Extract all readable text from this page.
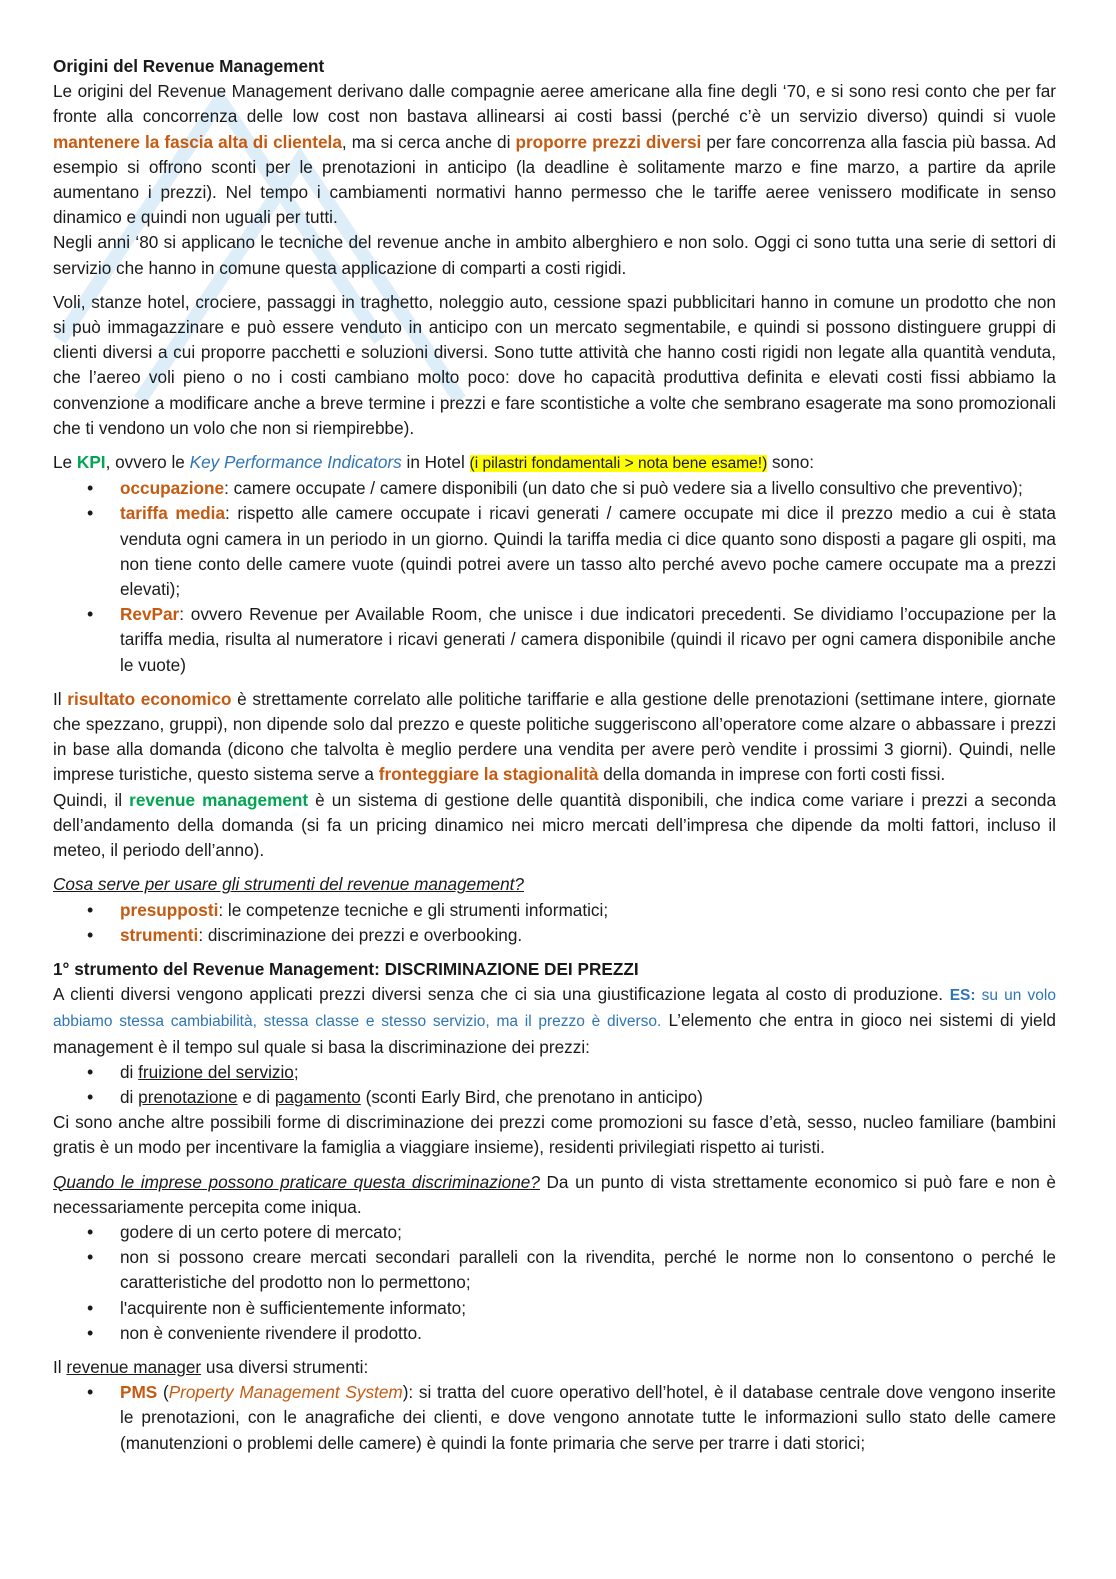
Origini del Revenue Management

Le origini del Revenue Management derivano dalle compagnie aeree americane alla fine degli ‘70, e si sono resi conto che per far fronte alla concorrenza delle low cost non bastava allinearsi ai costi bassi (perché c’è un servizio diverso) quindi si vuole mantenere la fascia alta di clientela, ma si cerca anche di proporre prezzi diversi per fare concorrenza alla fascia più bassa. Ad esempio si offrono sconti per le prenotazioni in anticipo (la deadline è solitamente marzo e fine marzo, a partire da aprile aumentano i prezzi). Nel tempo i cambiamenti normativi hanno permesso che le tariffe aeree venissero modificate in senso dinamico e quindi non uguali per tutti.

Negli anni ‘80 si applicano le tecniche del revenue anche in ambito alberghiero e non solo. Oggi ci sono tutta una serie di settori di servizio che hanno in comune questa applicazione di comparti a costi rigidi.

Voli, stanze hotel, crociere, passaggi in traghetto, noleggio auto, cessione spazi pubblicitari hanno in comune un prodotto che non si può immagazzinare e può essere venduto in anticipo con un mercato segmentabile, e quindi si possono distinguere gruppi di clienti diversi a cui proporre pacchetti e soluzioni diversi. Sono tutte attività che hanno costi rigidi non legate alla quantità venduta, che l’aereo voli pieno o no i costi cambiano molto poco: dove ho capacità produttiva definita e elevati costi fissi abbiamo la convenzione a modificare anche a breve termine i prezzi e fare scontistiche a volte che sembrano esagerate ma sono promozionali che ti vendono un volo che non si riempirebbe).

Le KPI, ovvero le Key Performance Indicators in Hotel (i pilastri fondamentali > nota bene esame!) sono:

• occupazione: camere occupate / camere disponibili (un dato che si può vedere sia a livello consultivo che preventivo);
• tariffa media: rispetto alle camere occupate i ricavi generati / camere occupate mi dice il prezzo medio a cui è stata venduta ogni camera in un periodo in un giorno. Quindi la tariffa media ci dice quanto sono disposti a pagare gli ospiti, ma non tiene conto delle camere vuote (quindi potrei avere un tasso alto perché avevo poche camere occupate ma a prezzi elevati);
• RevPar: ovvero Revenue per Available Room, che unisce i due indicatori precedenti. Se dividiamo l’occupazione per la tariffa media, risulta al numeratore i ricavi generati / camera disponibile (quindi il ricavo per ogni camera disponibile anche le vuote)

Il risultato economico è strettamente correlato alle politiche tariffarie e alla gestione delle prenotazioni (settimane intere, giornate che spezzano, gruppi), non dipende solo dal prezzo e queste politiche suggeriscono all’operatore come alzare o abbassare i prezzi in base alla domanda (dicono che talvolta è meglio perdere una vendita per avere però vendite i prossimi 3 giorni). Quindi, nelle imprese turistiche, questo sistema serve a fronteggiare la stagionalità della domanda in imprese con forti costi fissi.

Quindi, il revenue management è un sistema di gestione delle quantità disponibili, che indica come variare i prezzi a seconda dell’andamento della domanda (si fa un pricing dinamico nei micro mercati dell’impresa che dipende da molti fattori, incluso il meteo, il periodo dell’anno).

Cosa serve per usare gli strumenti del revenue management?

• presupposti: le competenze tecniche e gli strumenti informatici;
• strumenti: discriminazione dei prezzi e overbooking.
1° strumento del Revenue Management: DISCRIMINAZIONE DEI PREZZI

A clienti diversi vengono applicati prezzi diversi senza che ci sia una giustificazione legata al costo di produzione. ES: su un volo abbiamo stessa cambiabilità, stessa classe e stesso servizio, ma il prezzo è diverso. L’elemento che entra in gioco nei sistemi di yield management è il tempo sul quale si basa la discriminazione dei prezzi:

• di fruizione del servizio;
• di prenotazione e di pagamento (sconti Early Bird, che prenotano in anticipo)

Ci sono anche altre possibili forme di discriminazione dei prezzi come promozioni su fasce d’età, sesso, nucleo familiare (bambini gratis è un modo per incentivare la famiglia a viaggiare insieme), residenti privilegiati rispetto ai turisti.

Quando le imprese possono praticare questa discriminazione? Da un punto di vista strettamente economico si può fare e non è necessariamente percepita come iniqua.

• godere di un certo potere di mercato;
• non si possono creare mercati secondari paralleli con la rivendita, perché le norme non lo consentono o perché le caratteristiche del prodotto non lo permettono;
• l'acquirente non è sufficientemente informato;
• non è conveniente rivendere il prodotto.

Il revenue manager usa diversi strumenti:

• PMS (Property Management System): si tratta del cuore operativo dell’hotel, è il database centrale dove vengono inserite le prenotazioni, con le anagrafiche dei clienti, e dove vengono annotate tutte le informazioni sullo stato delle camere (manutenzioni o problemi delle camere) è quindi la fonte primaria che serve per trarre i dati storici;
